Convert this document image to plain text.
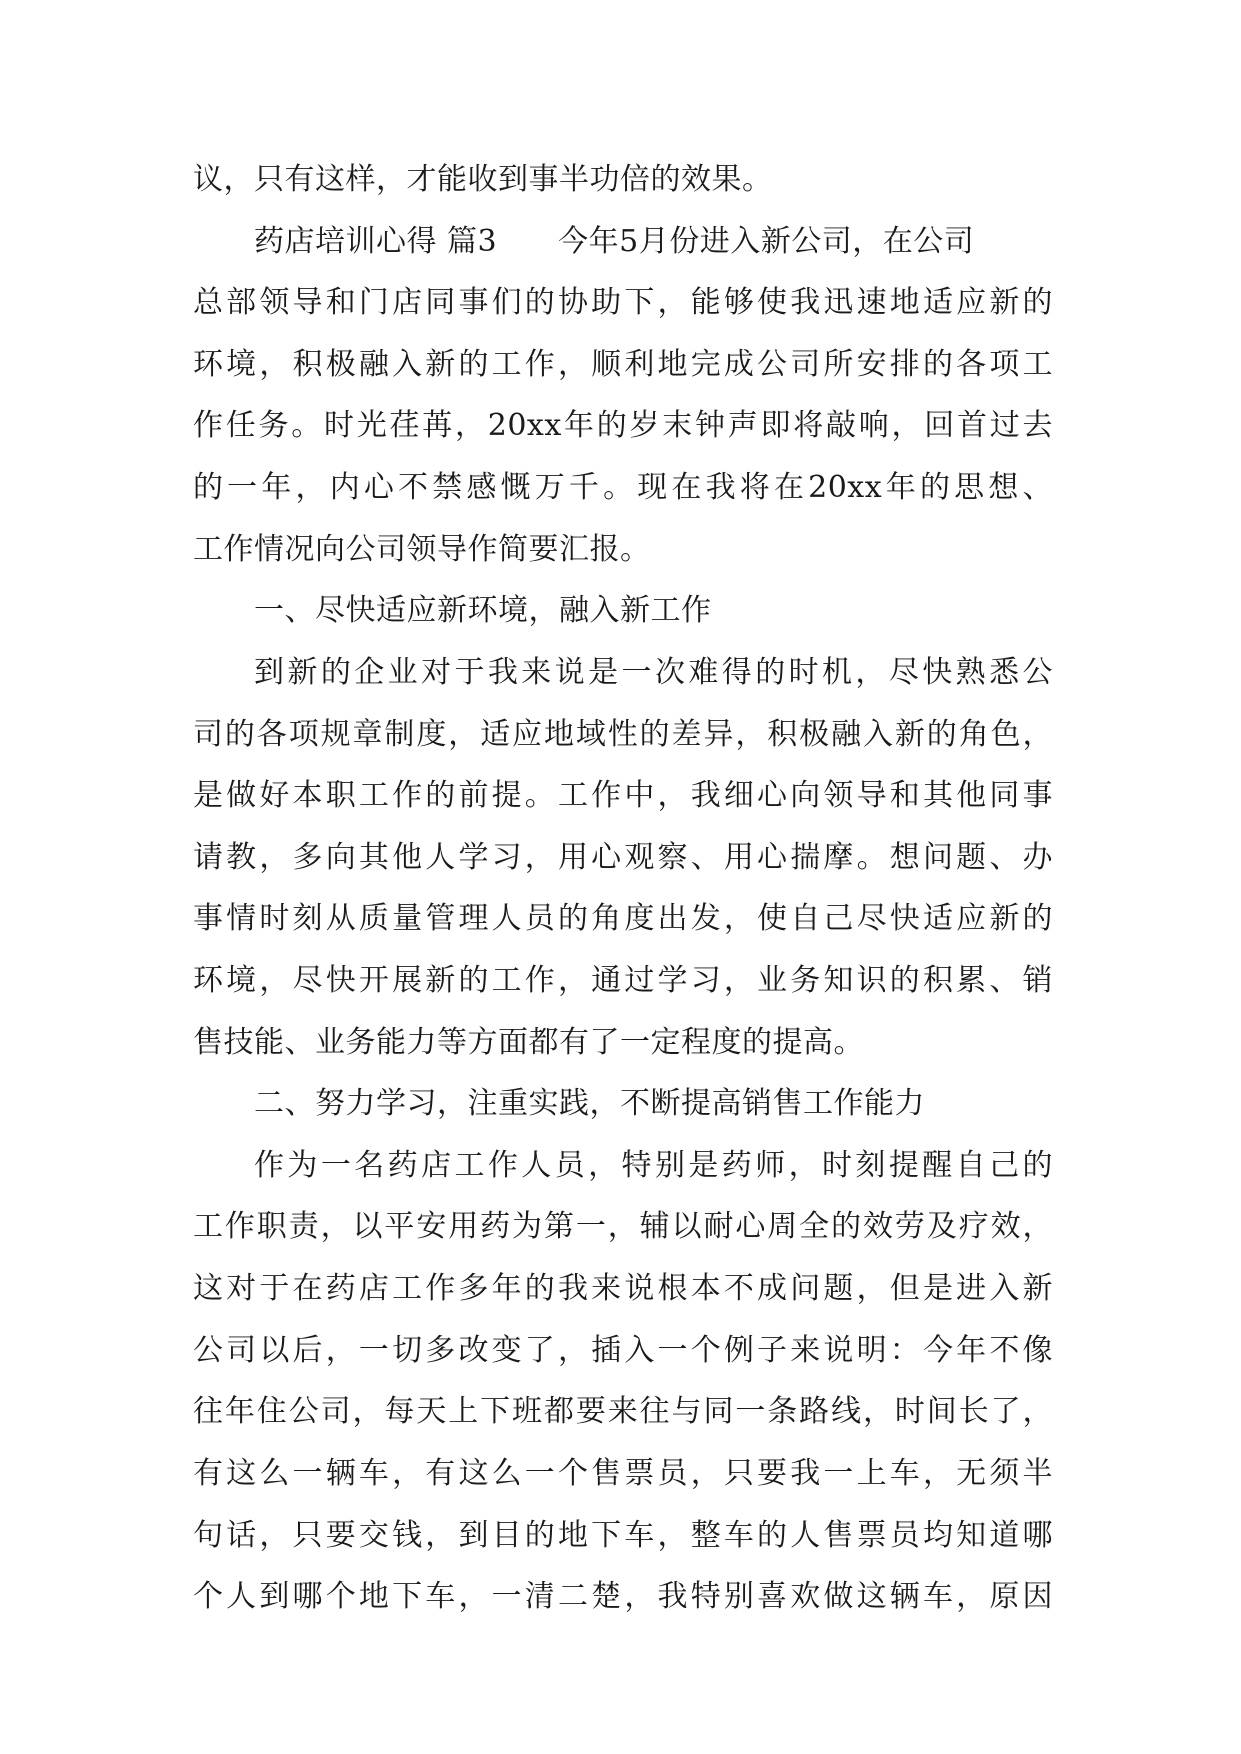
议，只有这样，才能收到事半功倍的效果。
药店培训心得 篇3　　今年5月份进入新公司，在公司
总部领导和门店同事们的协助下，能够使我迅速地适应新的
环境，积极融入新的工作，顺利地完成公司所安排的各项工
作任务。时光荏苒，20xx年的岁末钟声即将敲响，回首过去
的一年，内心不禁感慨万千。现在我将在20xx年的思想、
工作情况向公司领导作简要汇报。
一、尽快适应新环境，融入新工作
到新的企业对于我来说是一次难得的时机，尽快熟悉公
司的各项规章制度，适应地域性的差异，积极融入新的角色，
是做好本职工作的前提。工作中，我细心向领导和其他同事
请教，多向其他人学习，用心观察、用心揣摩。想问题、办
事情时刻从质量管理人员的角度出发，使自己尽快适应新的
环境，尽快开展新的工作，通过学习，业务知识的积累、销
售技能、业务能力等方面都有了一定程度的提高。
二、努力学习，注重实践，不断提高销售工作能力
作为一名药店工作人员，特别是药师，时刻提醒自己的
工作职责，以平安用药为第一，辅以耐心周全的效劳及疗效，
这对于在药店工作多年的我来说根本不成问题，但是进入新
公司以后，一切多改变了，插入一个例子来说明：今年不像
往年住公司，每天上下班都要来往与同一条路线，时间长了，
有这么一辆车，有这么一个售票员，只要我一上车，无须半
句话，只要交钱，到目的地下车，整车的人售票员均知道哪
个人到哪个地下车，一清二楚，我特别喜欢做这辆车，原因
